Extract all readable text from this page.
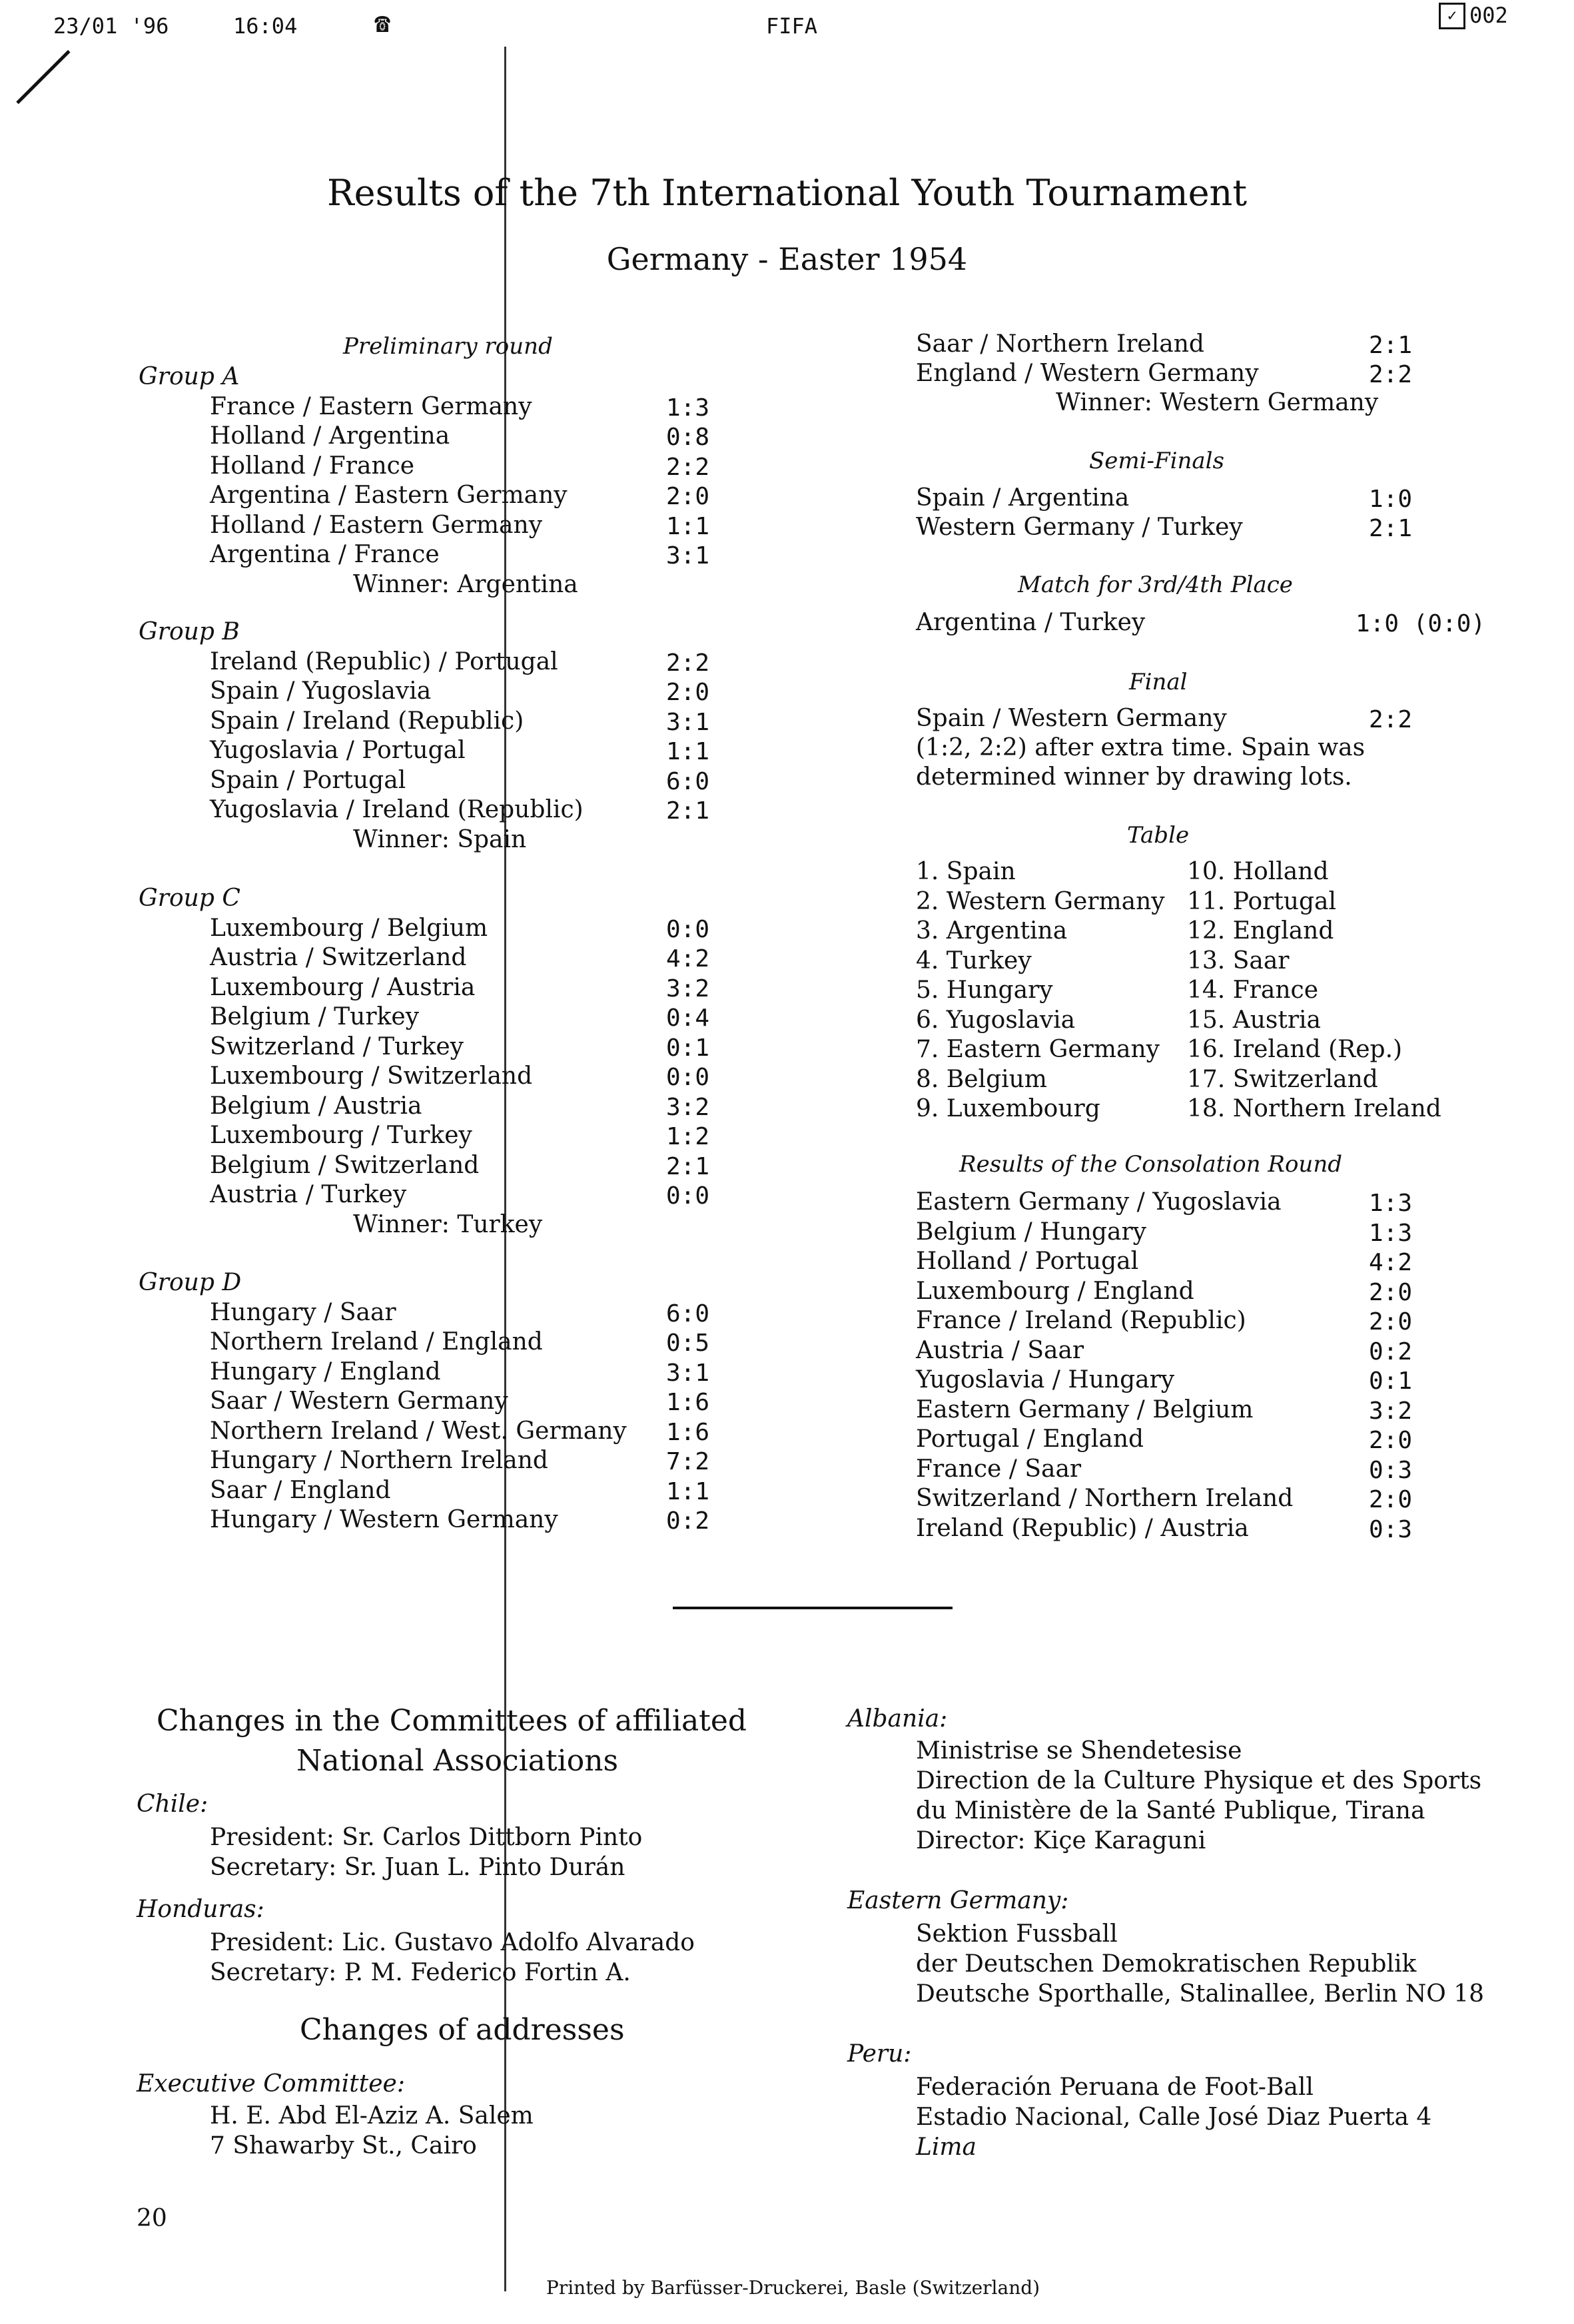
23/01 '96	16:04	☎	FIFA	✓ 002
Results of the 7th International Youth Tournament
Germany - Easter 1954
Preliminary round
Group A
France / Eastern Germany	1:3
Holland / Argentina	0:8
Holland / France	2:2
Argentina / Eastern Germany	2:0
Holland / Eastern Germany	1:1
Argentina / France	3:1
Winner: Argentina
Group B
Ireland (Republic) / Portugal	2:2
Spain / Yugoslavia	2:0
Spain / Ireland (Republic)	3:1
Yugoslavia / Portugal	1:1
Spain / Portugal	6:0
Yugoslavia / Ireland (Republic)	2:1
Winner: Spain
Group C
Luxembourg / Belgium	0:0
Austria / Switzerland	4:2
Luxembourg / Austria	3:2
Belgium / Turkey	0:4
Switzerland / Turkey	0:1
Luxembourg / Switzerland	0:0
Belgium / Austria	3:2
Luxembourg / Turkey	1:2
Belgium / Switzerland	2:1
Austria / Turkey	0:0
Winner: Turkey
Group D
Hungary / Saar	6:0
Northern Ireland / England	0:5
Hungary / England	3:1
Saar / Western Germany	1:6
Northern Ireland / West. Germany 1:6
Hungary / Northern Ireland	7:2
Saar / England	1:1
Hungary / Western Germany	0:2
Saar / Northern Ireland	2:1
England / Western Germany	2:2
Winner: Western Germany
Semi-Finals
Spain / Argentina	1:0
Western Germany / Turkey	2:1
Match for 3rd/4th Place
Argentina / Turkey	1:0 (0:0)
Final
Spain / Western Germany	2:2
(1:2, 2:2) after extra time. Spain was
determined winner by drawing lots.
Table
1. Spain
2. Western Germany
3. Argentina
4. Turkey
5. Hungary
6. Yugoslavia
7. Eastern Germany
8. Belgium
9. Luxembourg
10. Holland
11. Portugal
12. England
13. Saar
14. France
15. Austria
16. Ireland (Rep.)
17. Switzerland
18. Northern Ireland
Results of the Consolation Round
Eastern Germany / Yugoslavia	1:3
Belgium / Hungary	1:3
Holland / Portugal	4:2
Luxembourg / England	2:0
France / Ireland (Republic)	2:0
Austria / Saar	0:2
Yugoslavia / Hungary	0:1
Eastern Germany / Belgium	3:2
Portugal / England	2:0
France / Saar	0:3
Switzerland / Northern Ireland	2:0
Ireland (Republic) / Austria	0:3
Changes in the Committees of affiliated
National Associations
Chile:
President: Sr. Carlos Dittborn Pinto
Secretary: Sr. Juan L. Pinto Durán
Honduras:
President: Lic. Gustavo Adolfo Alvarado
Secretary: P. M. Federico Fortin A.
Changes of addresses
Executive Committee:
H. E. Abd El-Aziz A. Salem
7 Shawarby St., Cairo
Albania:
Ministrise se Shendetesise
Direction de la Culture Physique et des Sports
du Ministère de la Santé Publique, Tirana
Director: Kiçe Karaguni
Eastern Germany:
Sektion Fussball
der Deutschen Demokratischen Republik
Deutsche Sporthalle, Stalinallee, Berlin NO 18
Peru:
Federación Peruana de Foot-Ball
Estadio Nacional, Calle José Diaz Puerta 4
Lima
20
Printed by Barfüsser-Druckerei, Basle (Switzerland)
